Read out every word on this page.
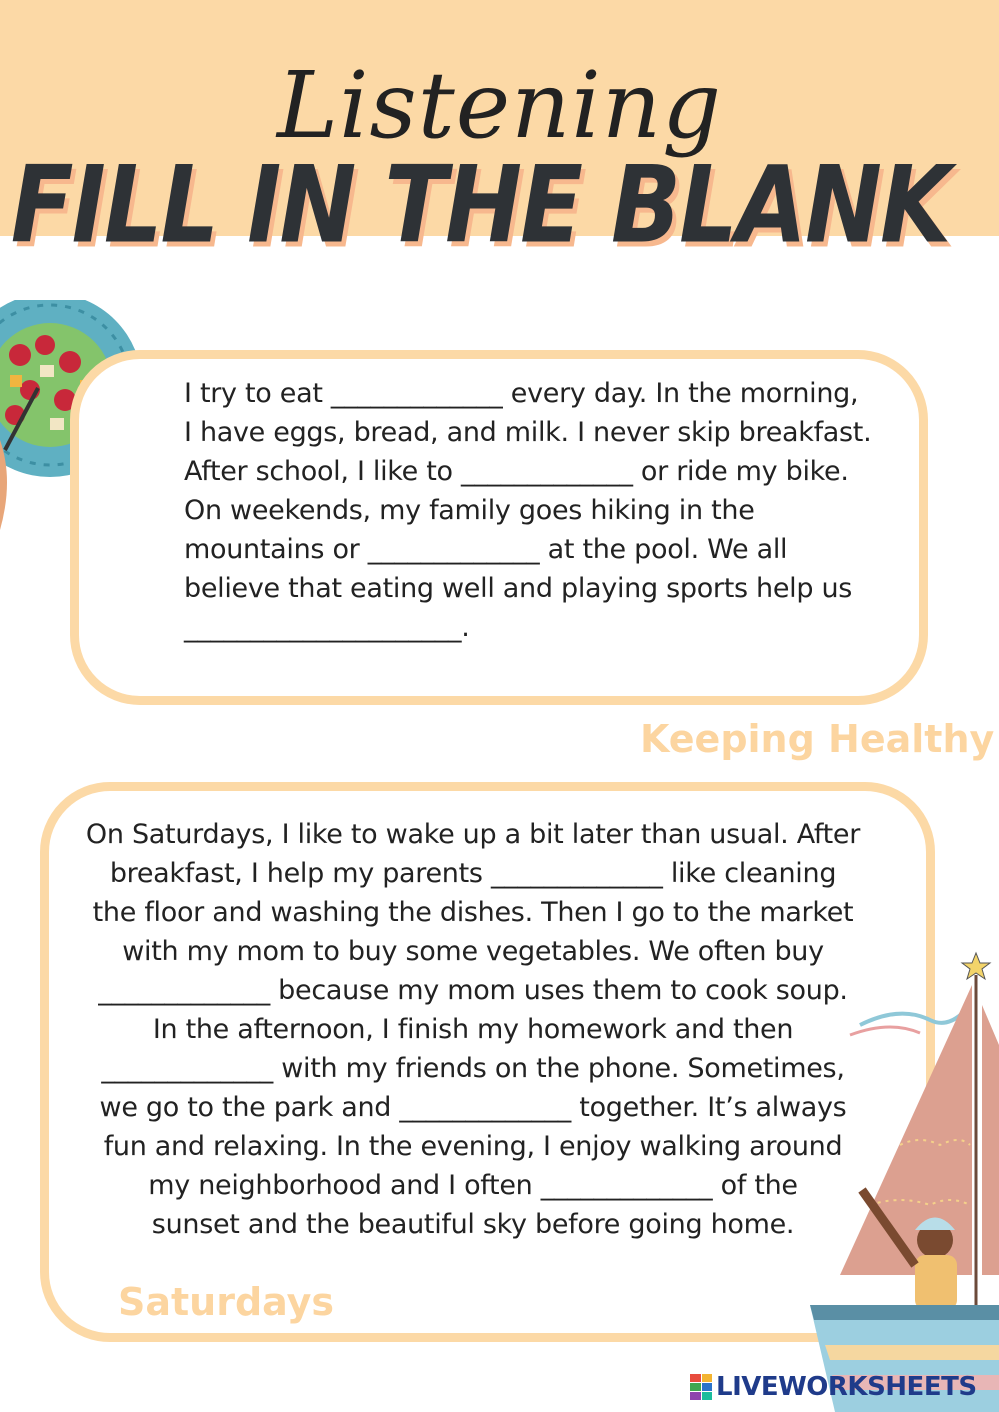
Listening
FILL IN THE BLANK
I try to eat _____________ every day. In the morning,
I have eggs, bread, and milk. I never skip breakfast.
After school, I like to _____________ or ride my bike.
On weekends, my family goes hiking in the
mountains or _____________ at the pool. We all
believe that eating well and playing sports help us
_____________________.
Keeping Healthy
On Saturdays, I like to wake up a bit later than usual. After
breakfast, I help my parents _____________ like cleaning
the floor and washing the dishes. Then I go to the market
with my mom to buy some vegetables. We often buy
_____________ because my mom uses them to cook soup.
In the afternoon, I finish my homework and then
_____________ with my friends on the phone. Sometimes,
we go to the park and _____________ together. It’s always
fun and relaxing. In the evening, I enjoy walking around
my neighborhood and I often _____________ of the
sunset and the beautiful sky before going home.
Saturdays
LIVEWORKSHEETS
